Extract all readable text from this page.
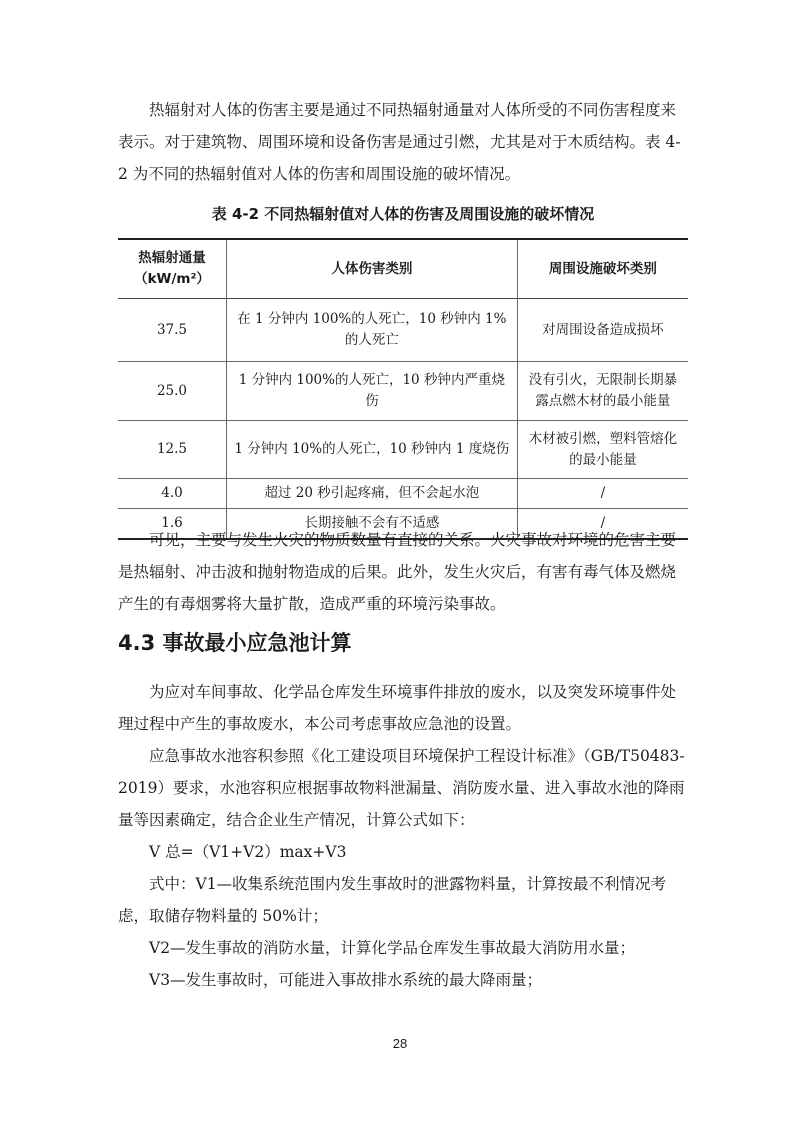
热辐射对人体的伤害主要是通过不同热辐射通量对人体所受的不同伤害程度来表示。对于建筑物、周围环境和设备伤害是通过引燃，尤其是对于木质结构。表 4-2 为不同的热辐射值对人体的伤害和周围设施的破坏情况。

表 4-2 不同热辐射值对人体的伤害及周围设施的破坏情况

热辐射通量
（kW/m²）	人体伤害类别	周围设施破坏类别
37.5	在 1 分钟内 100%的人死亡，10 秒钟内 1%的人死亡	对周围设备造成损坏
25.0	1 分钟内 100%的人死亡，10 秒钟内严重烧伤	没有引火，无限制长期暴露点燃木材的最小能量
12.5	1 分钟内 10%的人死亡，10 秒钟内 1 度烧伤	木材被引燃，塑料管熔化的最小能量
4.0	超过 20 秒引起疼痛，但不会起水泡	/
1.6	长期接触不会有不适感	/

可见，主要与发生火灾的物质数量有直接的关系。火灾事故对环境的危害主要是热辐射、冲击波和抛射物造成的后果。此外，发生火灾后，有害有毒气体及燃烧产生的有毒烟雾将大量扩散，造成严重的环境污染事故。

4.3 事故最小应急池计算

为应对车间事故、化学品仓库发生环境事件排放的废水，以及突发环境事件处理过程中产生的事故废水，本公司考虑事故应急池的设置。

应急事故水池容积参照《化工建设项目环境保护工程设计标准》（GB/T50483-2019）要求，水池容积应根据事故物料泄漏量、消防废水量、进入事故水池的降雨量等因素确定，结合企业生产情况，计算公式如下：

V 总=（V1+V2）max+V3

式中：V1—收集系统范围内发生事故时的泄露物料量，计算按最不利情况考虑，取储存物料量的 50%计；

V2—发生事故的消防水量，计算化学品仓库发生事故最大消防用水量；

V3—发生事故时，可能进入事故排水系统的最大降雨量；

28
